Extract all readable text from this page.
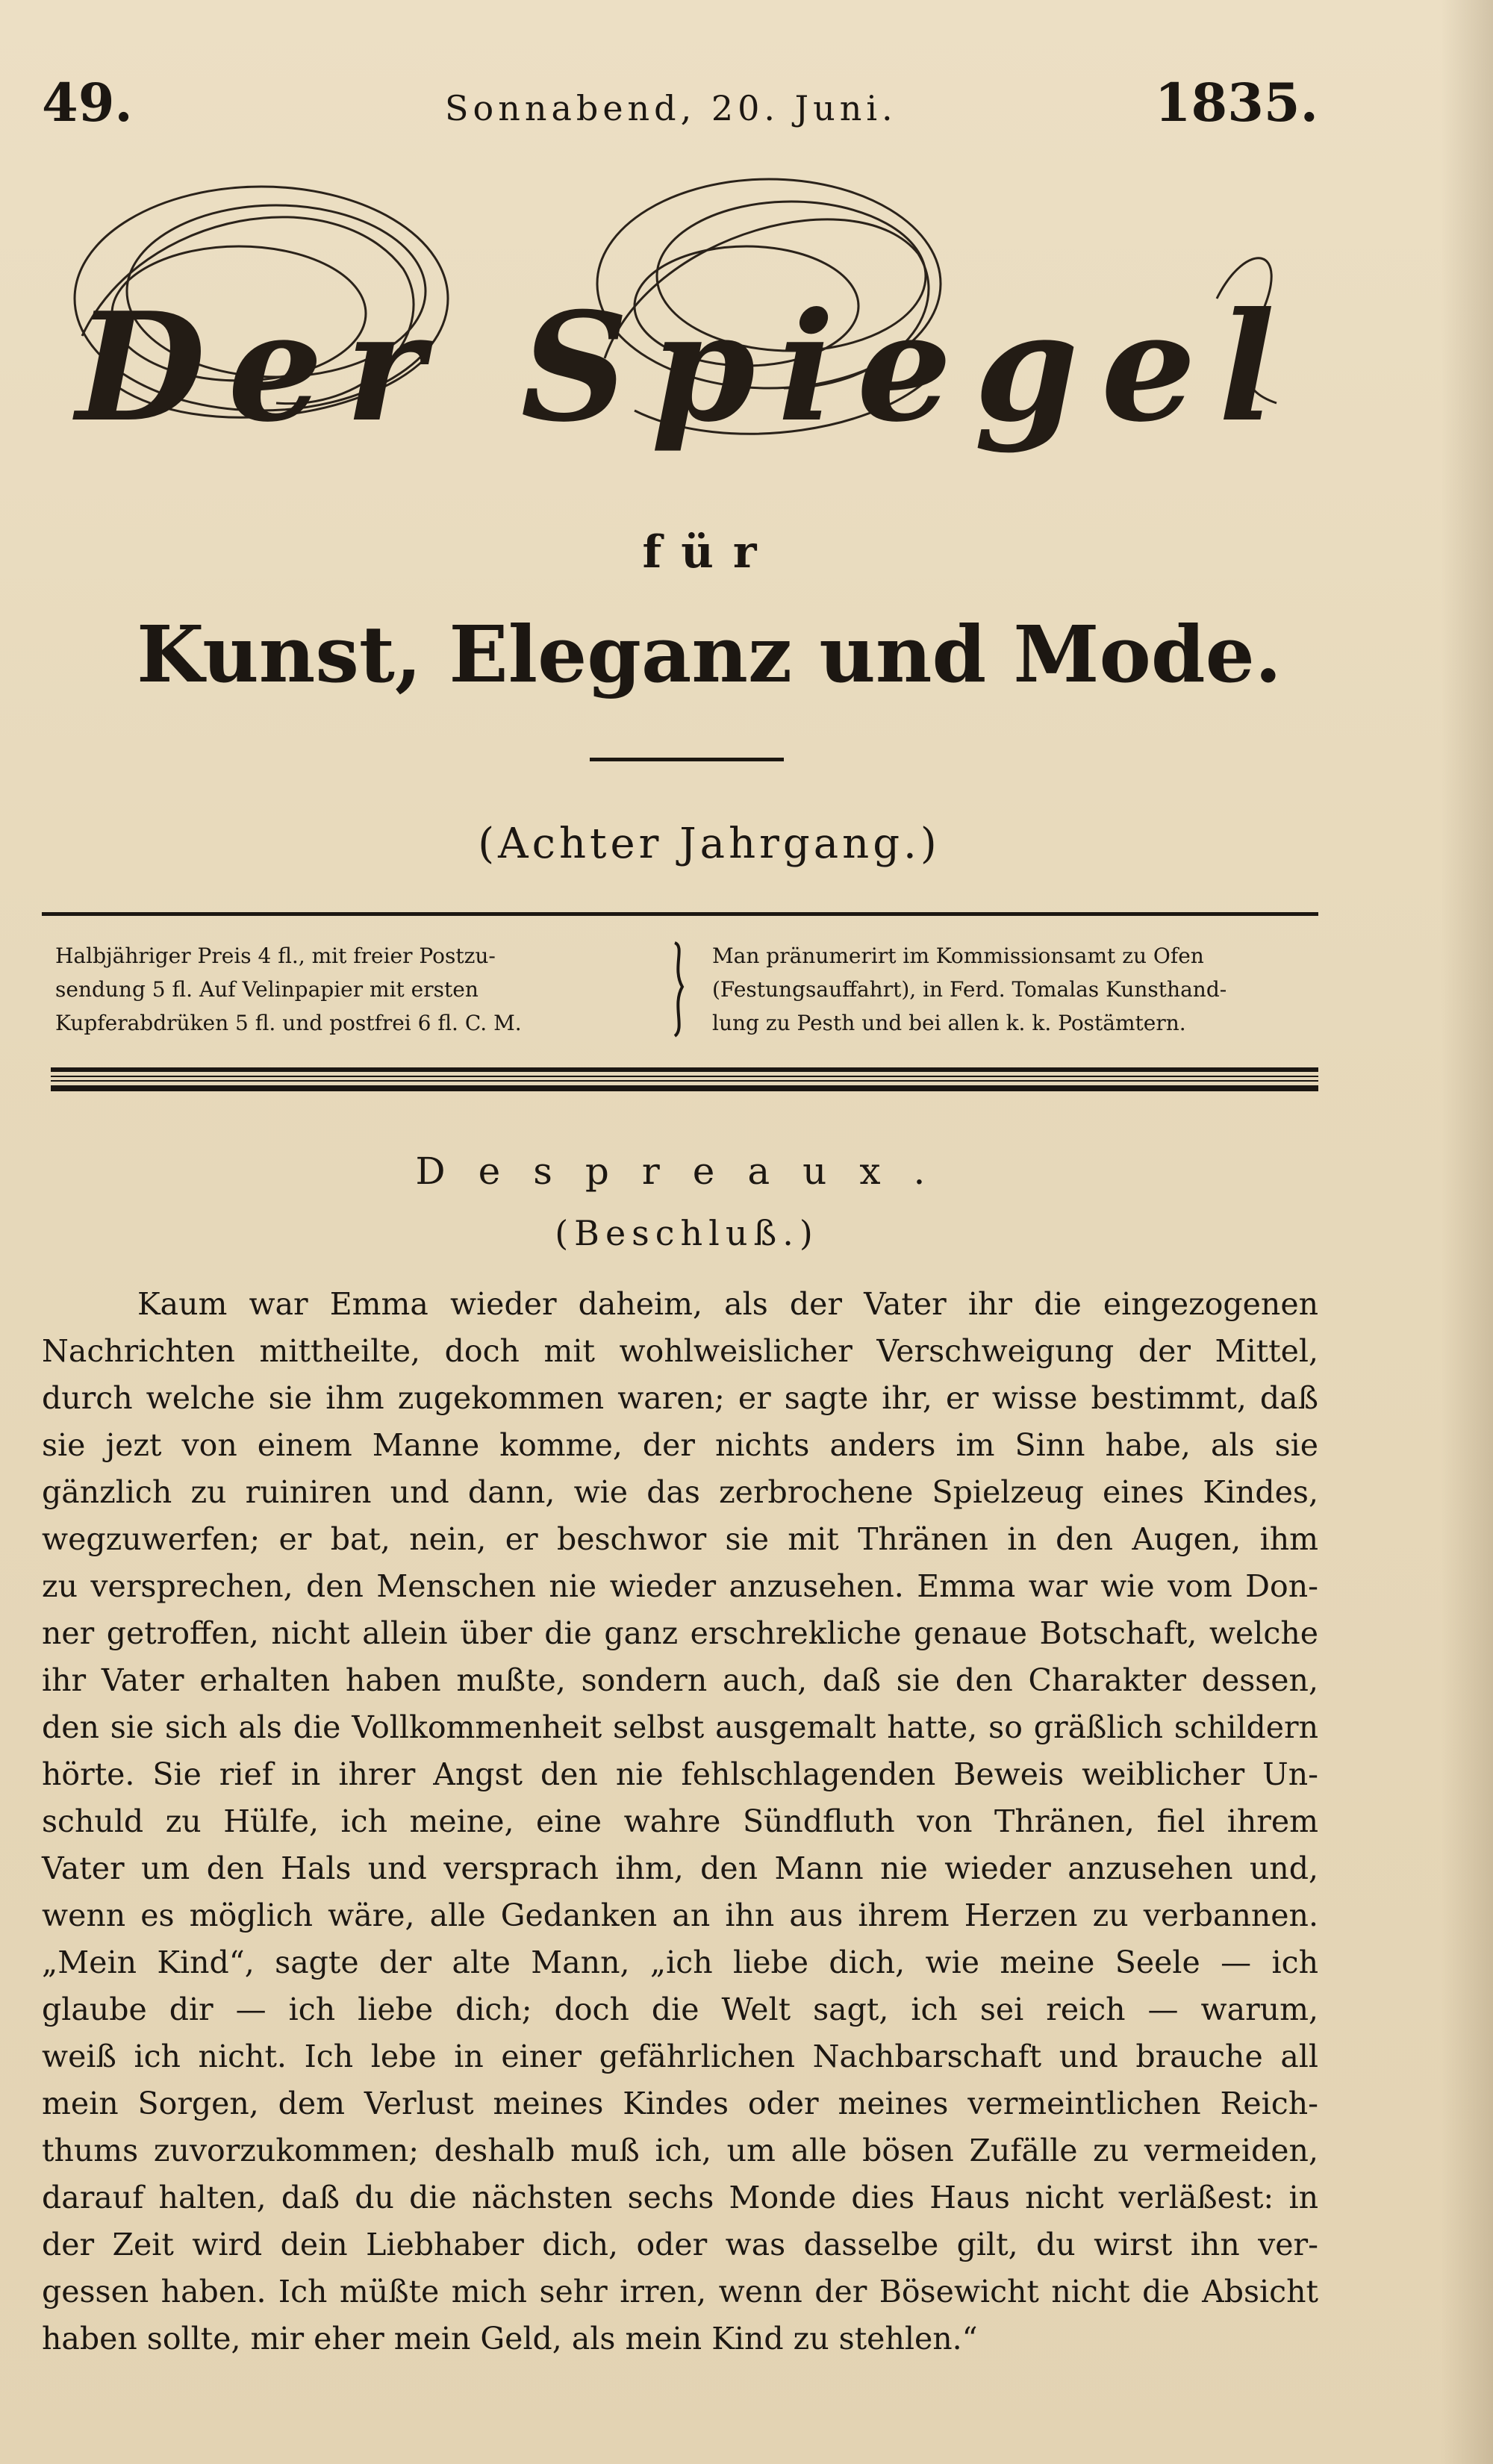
49.	Sonnabend, 20. Juni.	1835.
Der Spiegel
für
Kunst, Eleganz und Mode.
(Achter Jahrgang.)
Halbjähriger Preis 4 fl., mit freier Postzu-
sendung 5 fl. Auf Velinpapier mit ersten
Kupferabdrüken 5 fl. und postfrei 6 fl. C. M.
Man pränumerirt im Kommissionsamt zu Ofen
(Festungsauffahrt), in Ferd. Tomalas Kunsthand-
lung zu Pesth und bei allen k. k. Postämtern.
Despreaux.
(Beschluß.)
Kaum war Emma wieder daheim, als der Vater ihr die eingezogenen
Nachrichten mittheilte, doch mit wohlweislicher Verschweigung der Mittel,
durch welche sie ihm zugekommen waren; er sagte ihr, er wisse bestimmt, daß
sie jezt von einem Manne komme, der nichts anders im Sinn habe, als sie
gänzlich zu ruiniren und dann, wie das zerbrochene Spielzeug eines Kindes,
wegzuwerfen; er bat, nein, er beschwor sie mit Thränen in den Augen, ihm
zu versprechen, den Menschen nie wieder anzusehen. Emma war wie vom Don-
ner getroffen, nicht allein über die ganz erschrekliche genaue Botschaft, welche
ihr Vater erhalten haben mußte, sondern auch, daß sie den Charakter dessen,
den sie sich als die Vollkommenheit selbst ausgemalt hatte, so gräßlich schildern
hörte. Sie rief in ihrer Angst den nie fehlschlagenden Beweis weiblicher Un-
schuld zu Hülfe, ich meine, eine wahre Sündfluth von Thränen, fiel ihrem
Vater um den Hals und versprach ihm, den Mann nie wieder anzusehen und,
wenn es möglich wäre, alle Gedanken an ihn aus ihrem Herzen zu verbannen.
„Mein Kind“, sagte der alte Mann, „ich liebe dich, wie meine Seele — ich
glaube dir — ich liebe dich; doch die Welt sagt, ich sei reich — warum,
weiß ich nicht. Ich lebe in einer gefährlichen Nachbarschaft und brauche all
mein Sorgen, dem Verlust meines Kindes oder meines vermeintlichen Reich-
thums zuvorzukommen; deshalb muß ich, um alle bösen Zufälle zu vermeiden,
darauf halten, daß du die nächsten sechs Monde dies Haus nicht verläßest: in
der Zeit wird dein Liebhaber dich, oder was dasselbe gilt, du wirst ihn ver-
gessen haben. Ich müßte mich sehr irren, wenn der Bösewicht nicht die Absicht
haben sollte, mir eher mein Geld, als mein Kind zu stehlen.“
